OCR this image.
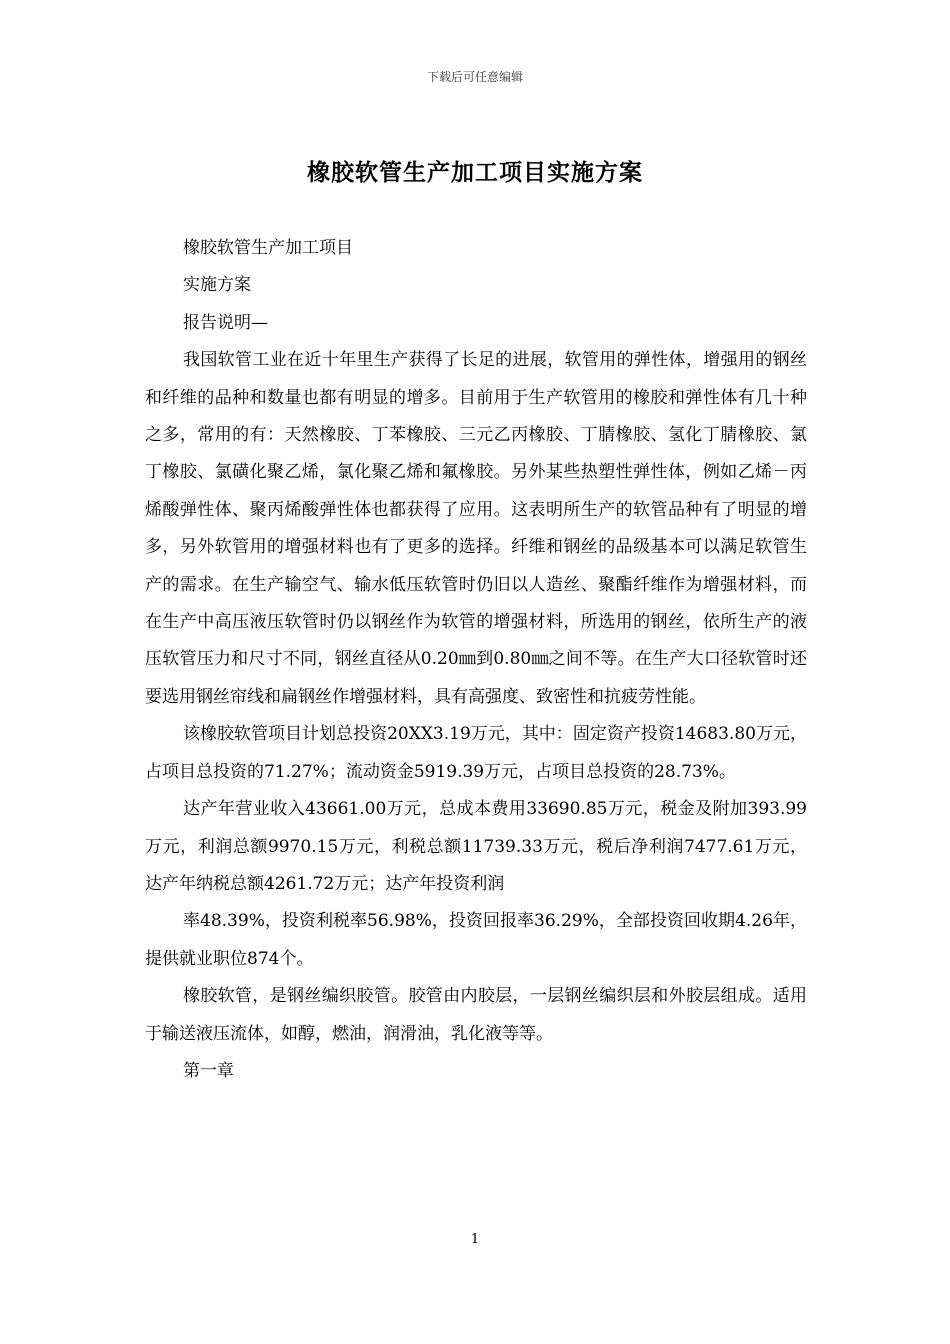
下载后可任意编辑
橡胶软管生产加工项目实施方案
橡胶软管生产加工项目
实施方案
报告说明—

我国软管工业在近十年里生产获得了长足的进展，软管用的弹性体，增强用的钢丝和纤维的品种和数量也都有明显的增多。目前用于生产软管用的橡胶和弹性体有几十种之多，常用的有：天然橡胶、丁苯橡胶、三元乙丙橡胶、丁腈橡胶、氢化丁腈橡胶、氯丁橡胶、氯磺化聚乙烯，氯化聚乙烯和氟橡胶。另外某些热塑性弹性体，例如乙烯－丙烯酸弹性体、聚丙烯酸弹性体也都获得了应用。这表明所生产的软管品种有了明显的增多，另外软管用的增强材料也有了更多的选择。纤维和钢丝的品级基本可以满足软管生产的需求。在生产输空气、输水低压软管时仍旧以人造丝、聚酯纤维作为增强材料，而在生产中高压液压软管时仍以钢丝作为软管的增强材料，所选用的钢丝，依所生产的液压软管压力和尺寸不同，钢丝直径从0.20㎜到0.80㎜之间不等。在生产大口径软管时还要选用钢丝帘线和扁钢丝作增强材料，具有高强度、致密性和抗疲劳性能。

该橡胶软管项目计划总投资20XX3.19万元，其中：固定资产投资14683.80万元，占项目总投资的71.27%；流动资金5919.39万元，占项目总投资的28.73%。

达产年营业收入43661.00万元，总成本费用33690.85万元，税金及附加393.99万元，利润总额9970.15万元，利税总额11739.33万元，税后净利润7477.61万元，达产年纳税总额4261.72万元；达产年投资利润

率48.39%，投资利税率56.98%，投资回报率36.29%，全部投资回收期4.26年，提供就业职位874个。

橡胶软管，是钢丝编织胶管。胶管由内胶层，一层钢丝编织层和外胶层组成。适用于输送液压流体，如醇，燃油，润滑油，乳化液等等。

第一章
1
